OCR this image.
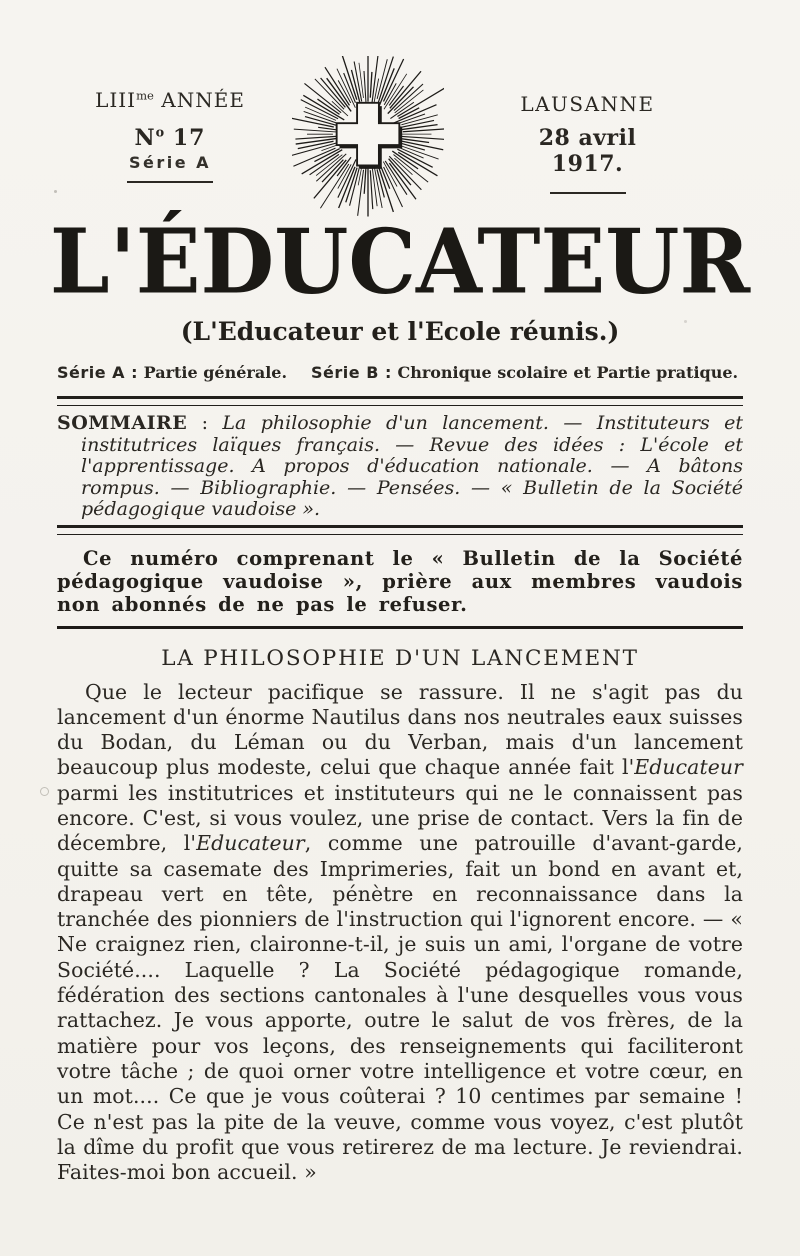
$LIII^{me}$ ANNÉE
$N^o$ 17
Série A
LAUSANNE
28 avril 1917.
L'ÉDUCATEUR
(L'Educateur et l'Ecole réunis.)
Série A : Partie générale. Série B : Chronique scolaire et Partie pratique.
SOMMAIRE : La philosophie d'un lancement. — Instituteurs et institutrices laïques français. — Revue des idées : L'école et l'apprentissage. A propos d'éducation nationale. — A bâtons rompus. — Bibliographie. — Pensées. — « Bulletin de la Société pédagogique vaudoise ».
Ce numéro comprenant le « Bulletin de la Société pédagogique vaudoise », prière aux membres vaudois non abonnés de ne pas le refuser.
LA PHILOSOPHIE D'UN LANCEMENT
Que le lecteur pacifique se rassure. Il ne s'agit pas du lancement d'un énorme Nautilus dans nos neutrales eaux suisses du Bodan, du Léman ou du Verban, mais d'un lancement beaucoup plus modeste, celui que chaque année fait l'Educateur parmi les institutrices et instituteurs qui ne le connaissent pas encore. C'est, si vous voulez, une prise de contact. Vers la fin de décembre, l'Educateur, comme une patrouille d'avant-garde, quitte sa casemate des Imprimeries, fait un bond en avant et, drapeau vert en tête, pénètre en reconnaissance dans la tranchée des pionniers de l'instruction qui l'ignorent encore. — « Ne craignez rien, claironne-t-il, je suis un ami, l'organe de votre Société.... Laquelle ? La Société pédagogique romande, fédération des sections cantonales à l'une desquelles vous vous rattachez. Je vous apporte, outre le salut de vos frères, de la matière pour vos leçons, des renseignements qui faciliteront votre tâche ; de quoi orner votre intelligence et votre cœur, en un mot.... Ce que je vous coûterai ? 10 centimes par semaine ! Ce n'est pas la pite de la veuve, comme vous voyez, c'est plutôt la dîme du profit que vous retirerez de ma lecture. Je reviendrai. Faites-moi bon accueil. »
